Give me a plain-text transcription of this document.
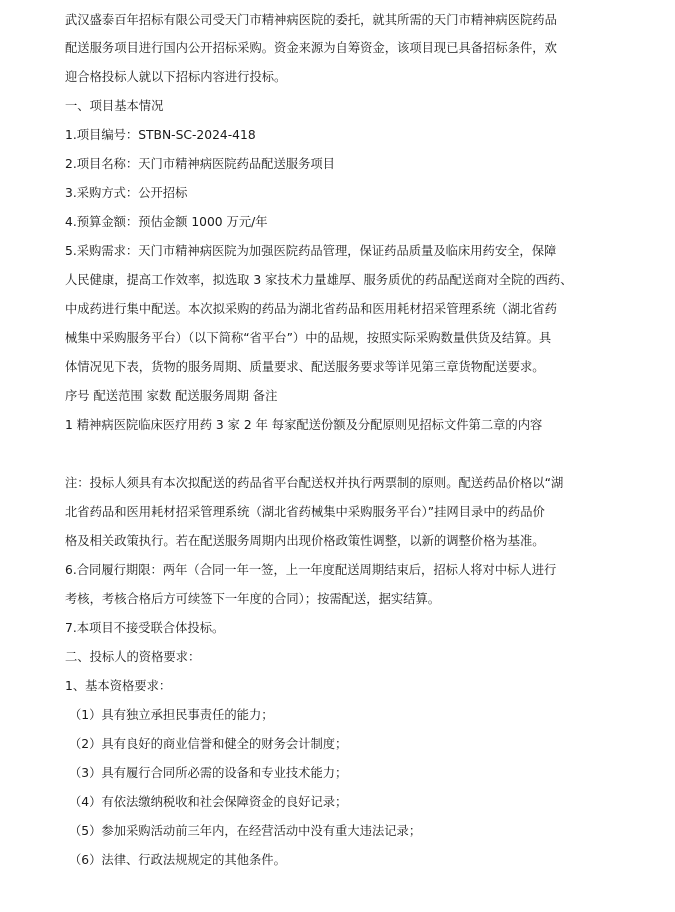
武汉盛泰百年招标有限公司受天门市精神病医院的委托，就其所需的天门市精神病医院药品
配送服务项目进行国内公开招标采购。资金来源为自筹资金，该项目现已具备招标条件，欢
迎合格投标人就以下招标内容进行投标。
一、项目基本情况
1.项目编号：STBN-SC-2024-418
2.项目名称：天门市精神病医院药品配送服务项目
3.采购方式：公开招标
4.预算金额：预估金额 1000 万元/年
5.采购需求：天门市精神病医院为加强医院药品管理，保证药品质量及临床用药安全，保障
人民健康，提高工作效率，拟选取 3 家技术力量雄厚、服务质优的药品配送商对全院的西药、
中成药进行集中配送。本次拟采购的药品为湖北省药品和医用耗材招采管理系统（湖北省药
械集中采购服务平台）（以下简称“省平台”）中的品规，按照实际采购数量供货及结算。具
体情况见下表，货物的服务周期、质量要求、配送服务要求等详见第三章货物配送要求。
序号 配送范围 家数 配送服务周期 备注
1 精神病医院临床医疗用药 3 家 2 年 每家配送份额及分配原则见招标文件第二章的内容
注：投标人须具有本次拟配送的药品省平台配送权并执行两票制的原则。配送药品价格以“湖
北省药品和医用耗材招采管理系统（湖北省药械集中采购服务平台）”挂网目录中的药品价
格及相关政策执行。若在配送服务周期内出现价格政策性调整，以新的调整价格为基准。
6.合同履行期限：两年（合同一年一签，上一年度配送周期结束后，招标人将对中标人进行
考核，考核合格后方可续签下一年度的合同）；按需配送，据实结算。
7.本项目不接受联合体投标。
二、投标人的资格要求：
1、基本资格要求：
（1）具有独立承担民事责任的能力；
（2）具有良好的商业信誉和健全的财务会计制度；
（3）具有履行合同所必需的设备和专业技术能力；
（4）有依法缴纳税收和社会保障资金的良好记录；
（5）参加采购活动前三年内，在经营活动中没有重大违法记录；
（6）法律、行政法规规定的其他条件。
